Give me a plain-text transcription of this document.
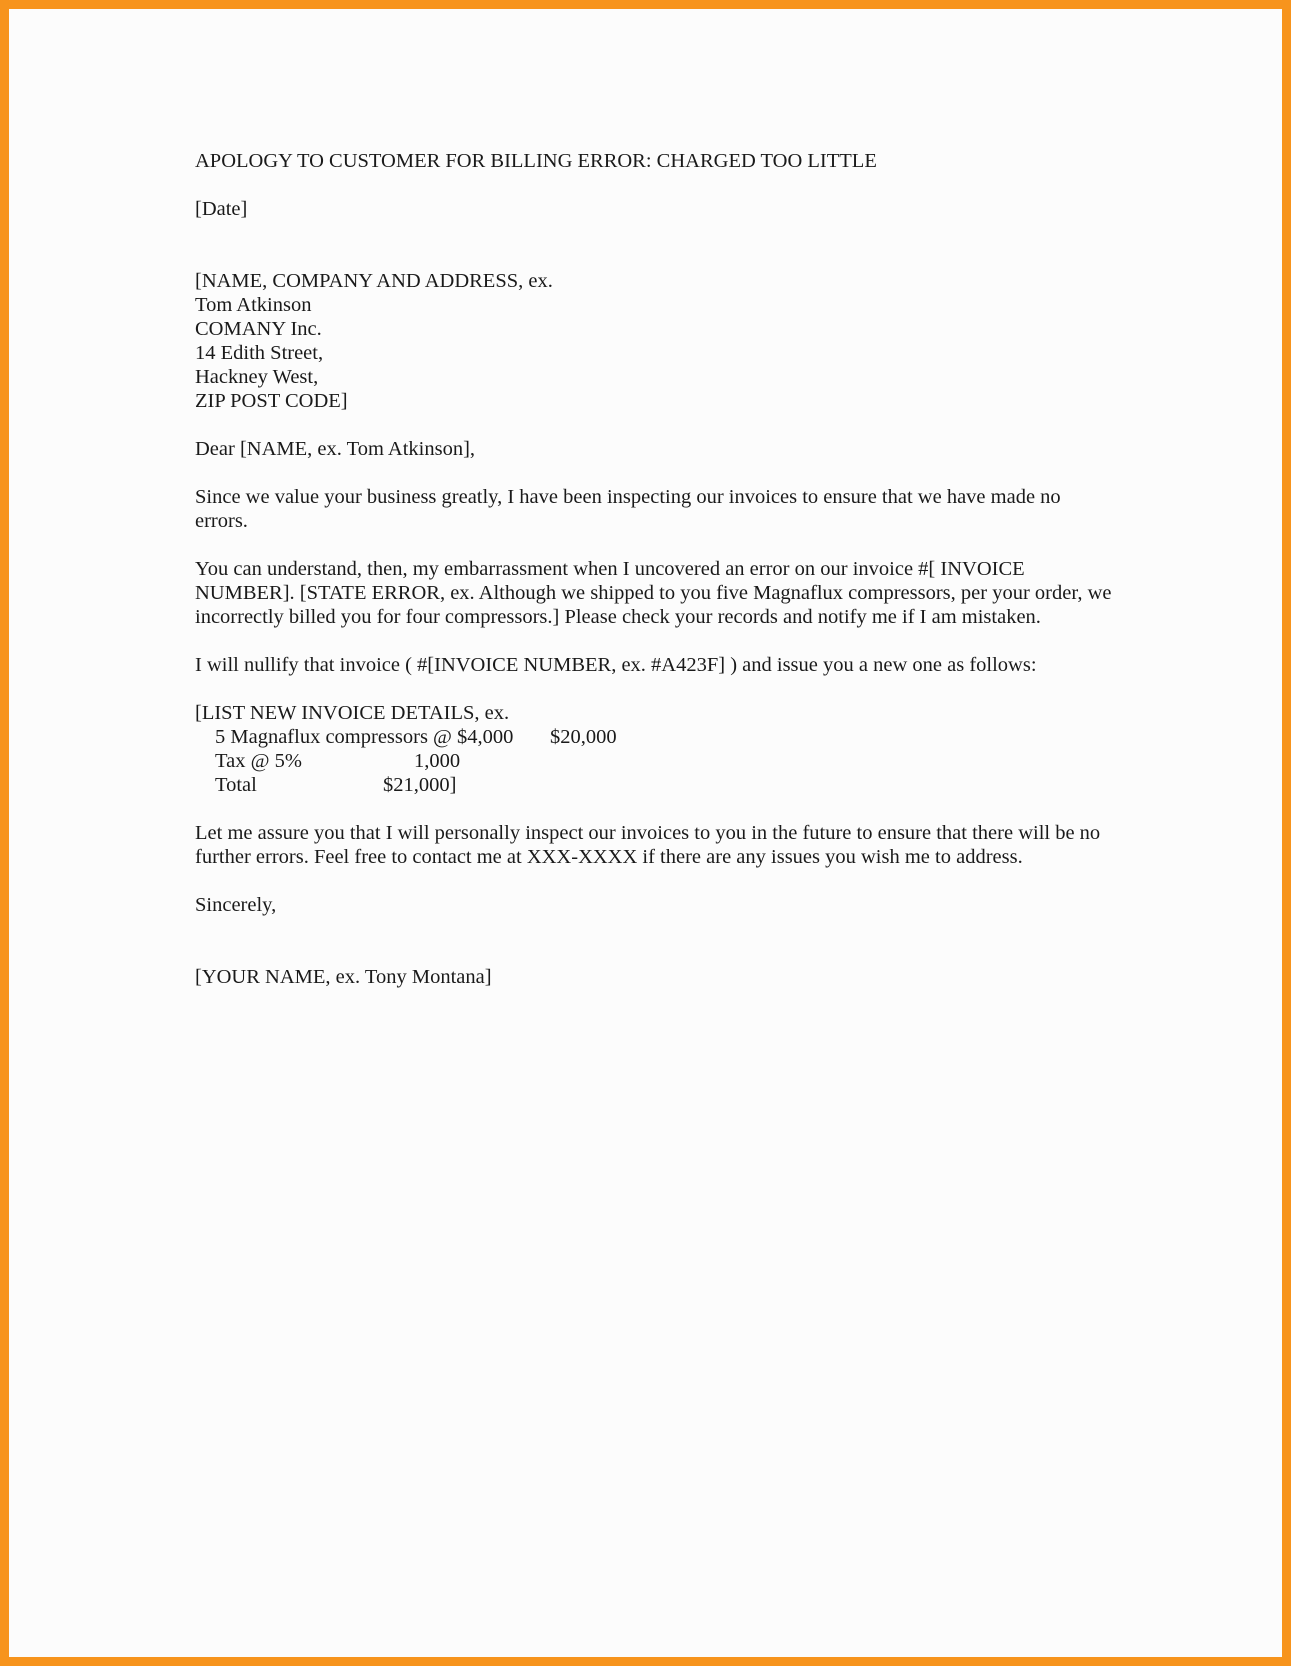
APOLOGY TO CUSTOMER FOR BILLING ERROR: CHARGED TOO LITTLE
[Date]
[NAME, COMPANY AND ADDRESS, ex.
Tom Atkinson
COMANY Inc.
14 Edith Street,
Hackney West,
ZIP POST CODE]
Dear [NAME, ex. Tom Atkinson],
Since we value your business greatly, I have been inspecting our invoices to ensure that we have made no errors.
You can understand, then, my embarrassment when I uncovered an error on our invoice #[ INVOICE NUMBER]. [STATE ERROR, ex. Although we shipped to you five Magnaflux compressors, per your order, we incorrectly billed you for four compressors.] Please check your records and notify me if I am mistaken.
I will nullify that invoice ( #[INVOICE NUMBER, ex. #A423F] ) and issue you a new one as follows:
[LIST NEW INVOICE DETAILS, ex.
5 Magnaflux compressors @ $4,000 $20,000
Tax @ 5%	1,000
Total	$21,000]
Let me assure you that I will personally inspect our invoices to you in the future to ensure that there will be no further errors. Feel free to contact me at XXX-XXXX if there are any issues you wish me to address.
Sincerely,
[YOUR NAME, ex. Tony Montana]
